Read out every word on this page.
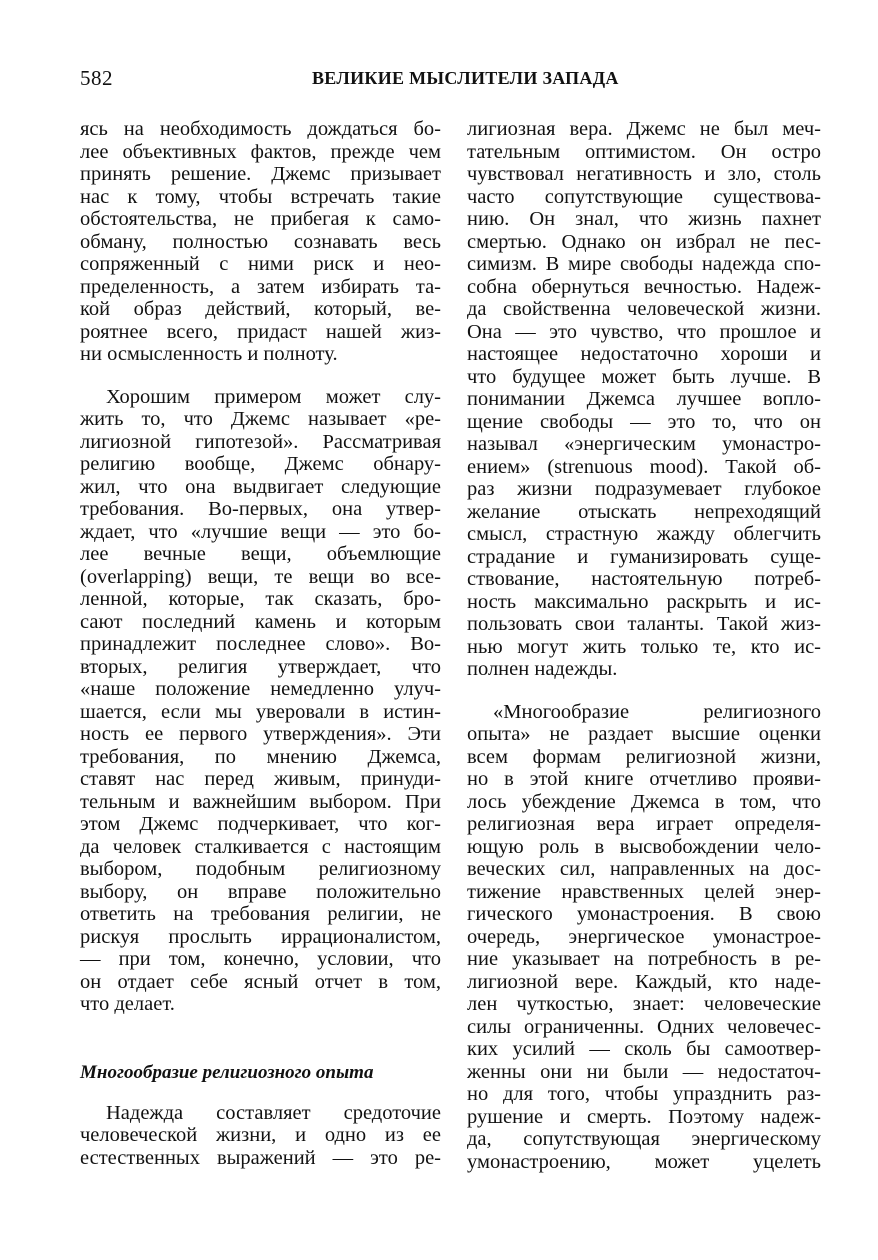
582	ВЕЛИКИЕ МЫСЛИТЕЛИ ЗАПАДА
ясь на необходимость дождаться бо-
лее объективных фактов, прежде чем
принять решение. Джемс призывает
нас к тому, чтобы встречать такие
обстоятельства, не прибегая к само-
обману, полностью сознавать весь
сопряженный с ними риск и нео-
пределенность, а затем избирать та-
кой образ действий, который, ве-
роятнее всего, придаст нашей жиз-
ни осмысленность и полноту.
Хорошим примером может слу-
жить то, что Джемс называет «ре-
лигиозной гипотезой». Рассматривая
религию вообще, Джемс обнару-
жил, что она выдвигает следующие
требования. Во-первых, она утвер-
ждает, что «лучшие вещи — это бо-
лее вечные вещи, объемлющие
(overlapping) вещи, те вещи во все-
ленной, которые, так сказать, бро-
сают последний камень и которым
принадлежит последнее слово». Во-
вторых, религия утверждает, что
«наше положение немедленно улуч-
шается, если мы уверовали в истин-
ность ее первого утверждения». Эти
требования, по мнению Джемса,
ставят нас перед живым, принуди-
тельным и важнейшим выбором. При
этом Джемс подчеркивает, что ког-
да человек сталкивается с настоящим
выбором, подобным религиозному
выбору, он вправе положительно
ответить на требования религии, не
рискуя прослыть иррационалистом,
— при том, конечно, условии, что
он отдает себе ясный отчет в том,
что делает.
Многообразие религиозного опыта
Надежда составляет средоточие
человеческой жизни, и одно из ее
естественных выражений — это ре-
лигиозная вера. Джемс не был меч-
тательным оптимистом. Он остро
чувствовал негативность и зло, столь
часто сопутствующие существова-
нию. Он знал, что жизнь пахнет
смертью. Однако он избрал не пес-
симизм. В мире свободы надежда спо-
собна обернуться вечностью. Надеж-
да свойственна человеческой жизни.
Она — это чувство, что прошлое и
настоящее недостаточно хороши и
что будущее может быть лучше. В
понимании Джемса лучшее вопло-
щение свободы — это то, что он
называл «энергическим умонастро-
ением» (strenuous mood). Такой об-
раз жизни подразумевает глубокое
желание отыскать непреходящий
смысл, страстную жажду облегчить
страдание и гуманизировать суще-
ствование, настоятельную потреб-
ность максимально раскрыть и ис-
пользовать свои таланты. Такой жиз-
нью могут жить только те, кто ис-
полнен надежды.
«Многообразие религиозного
опыта» не раздает высшие оценки
всем формам религиозной жизни,
но в этой книге отчетливо прояви-
лось убеждение Джемса в том, что
религиозная вера играет определя-
ющую роль в высвобождении чело-
веческих сил, направленных на дос-
тижение нравственных целей энер-
гического умонастроения. В свою
очередь, энергическое умонастрое-
ние указывает на потребность в ре-
лигиозной вере. Каждый, кто наде-
лен чуткостью, знает: человеческие
силы ограниченны. Одних человечес-
ких усилий — сколь бы самоотвер-
женны они ни были — недостаточ-
но для того, чтобы упразднить раз-
рушение и смерть. Поэтому надеж-
да, сопутствующая энергическому
умонастроению, может уцелеть
